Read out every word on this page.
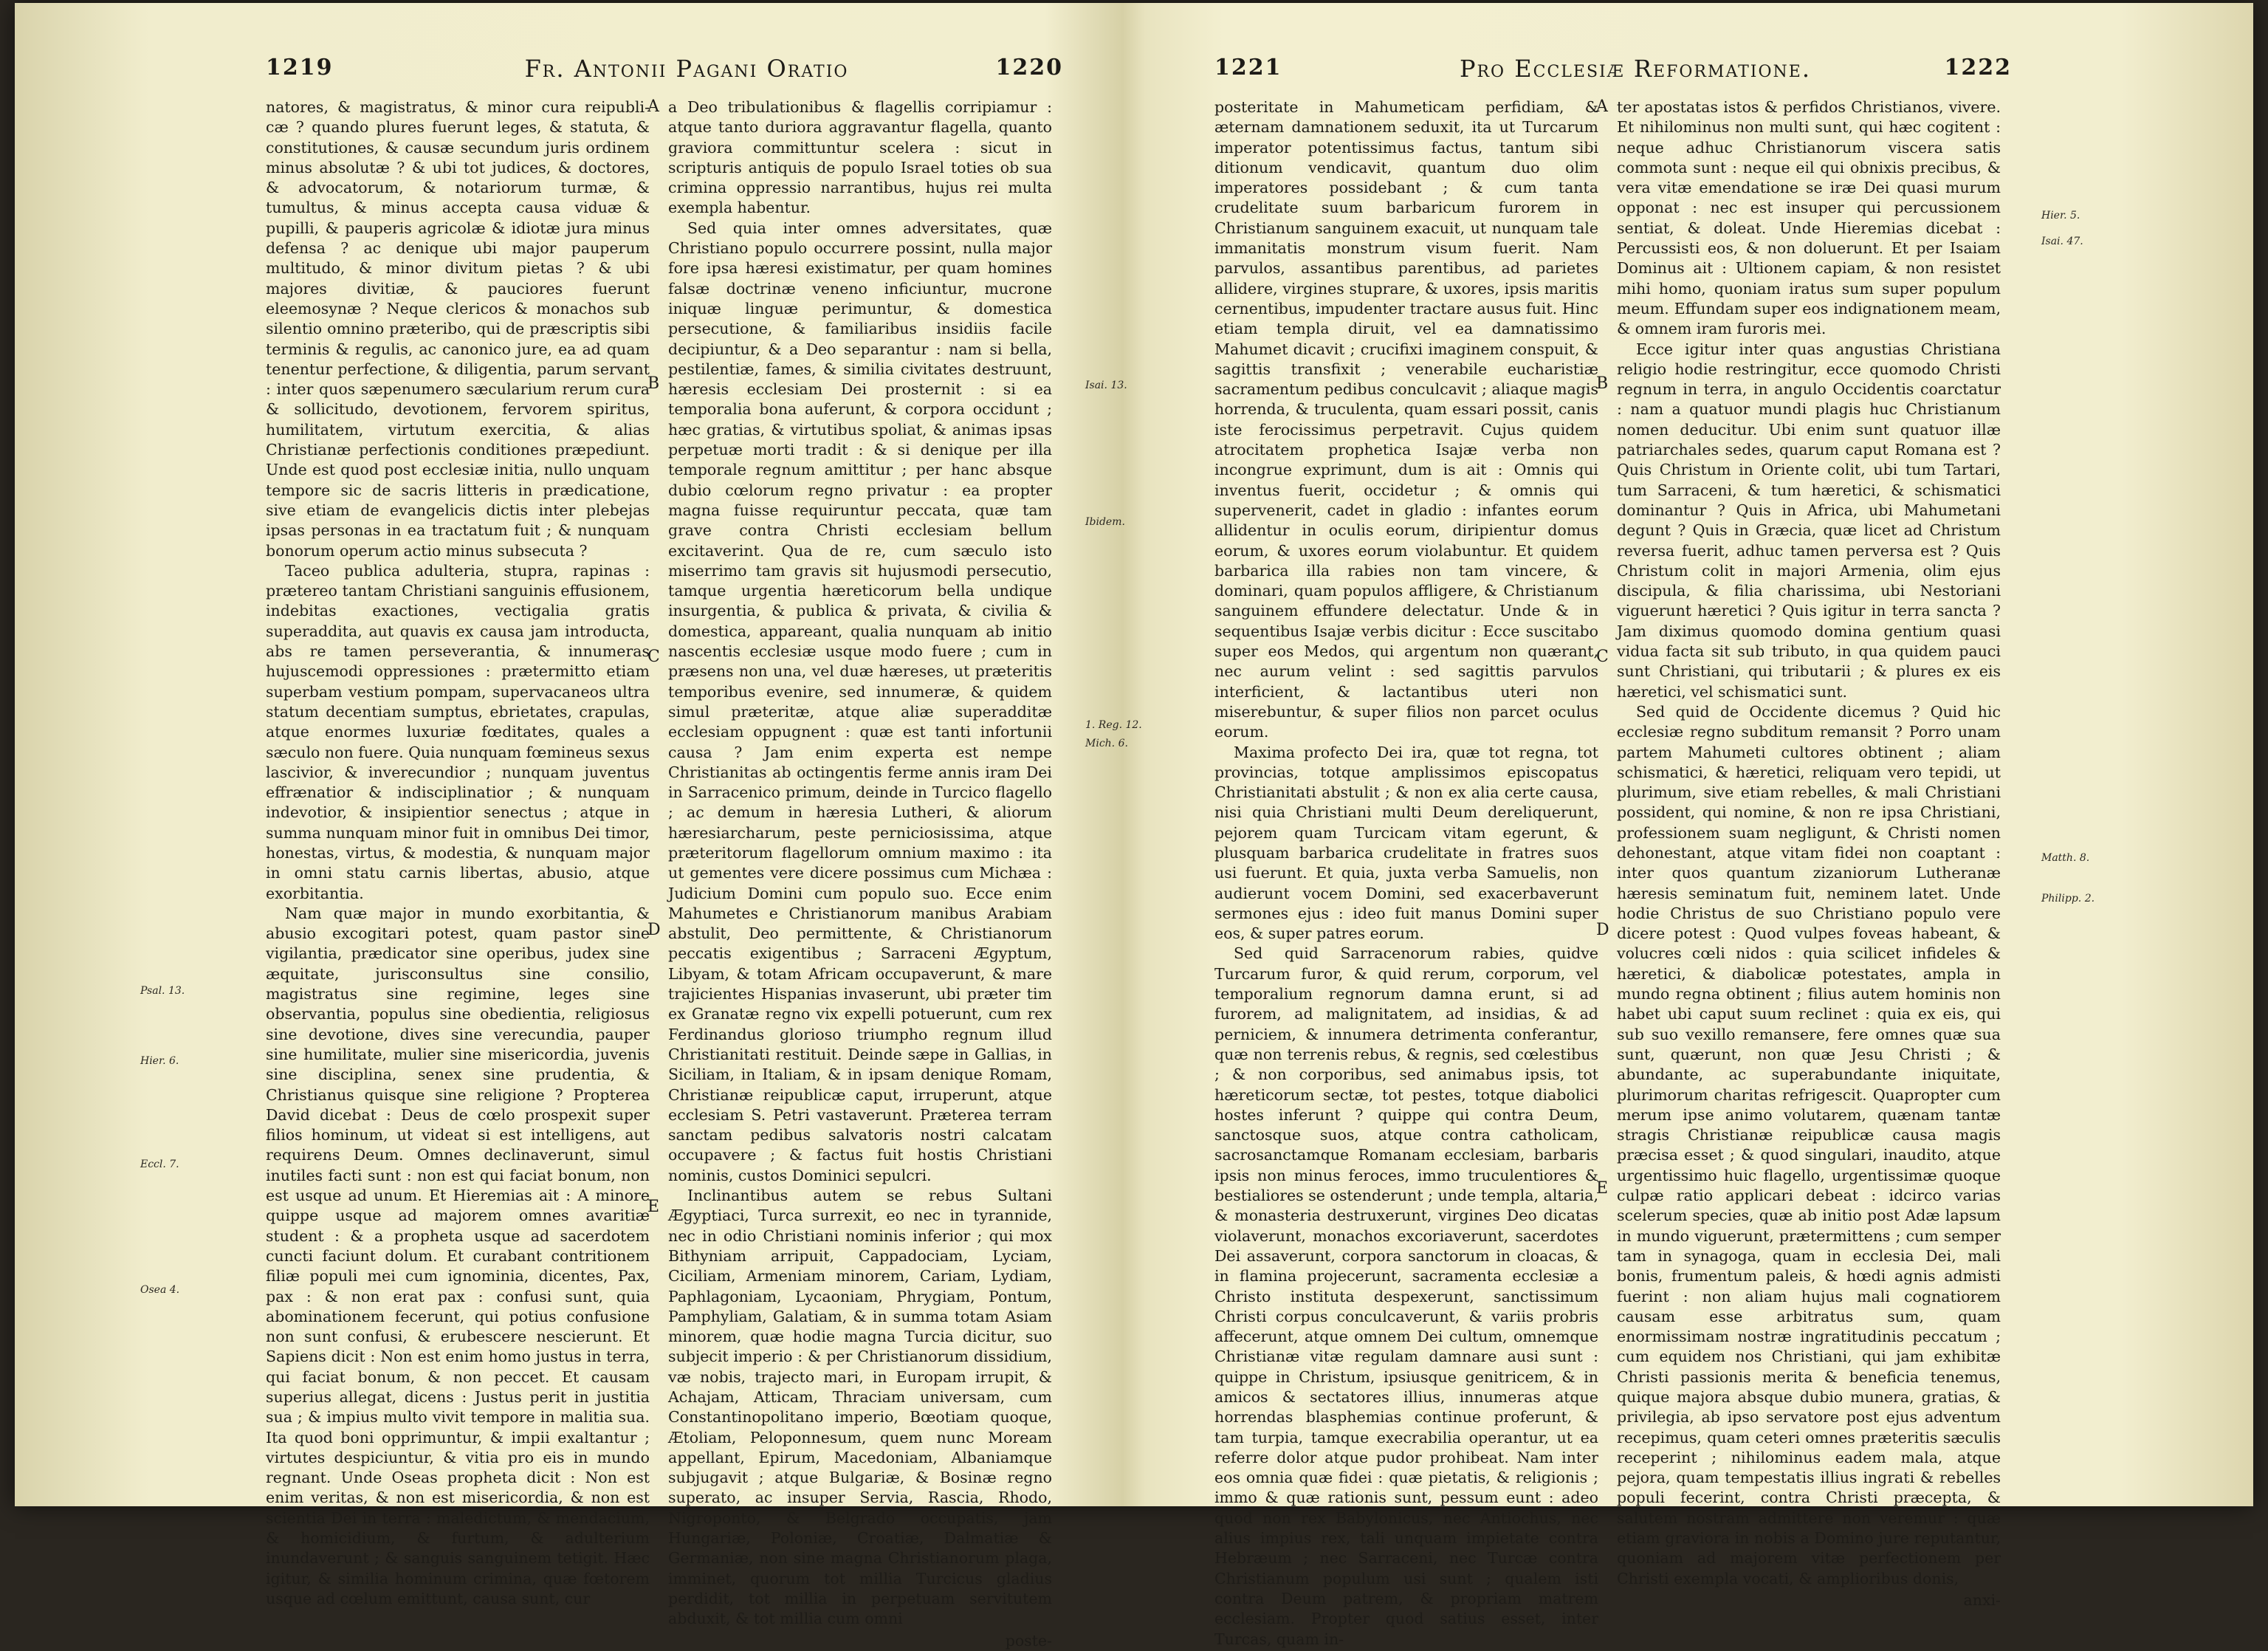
1219	Fr. Antonii Pagani Oratio	1220

natores, & magistratus, & minor cura reipubli- cæ ? quando plures fuerunt leges, & statuta, & constitutiones, & causæ secundum juris ordinem minus absolutæ ? & ubi tot judices, & doctores, & advocatorum, & notariorum turmæ, & tumultus, & minus accepta causa viduæ & pupilli, & pauperis agricolæ & idiotæ jura minus defensa ? ac denique ubi major pauperum multitudo, & minor divitum pietas ? & ubi majores divitiæ, & pauciores fuerunt eleemosynæ ? Neque clericos & monachos sub silentio omnino præteribo, qui de præscriptis sibi terminis & regulis, ac canonico jure, ea ad quam tenentur perfectione, & diligentia, parum servant : inter quos sæpenumero sæcularium rerum cura & sollicitudo, devotionem, fervorem spiritus, humilitatem, virtutum exercitia, & alias Christianæ perfectionis conditiones præpediunt. Unde est quod post ecclesiæ initia, nullo unquam tempore sic de sacris litteris in prædicatione, sive etiam de evangelicis dictis inter plebejas ipsas personas in ea tractatum fuit ; & nunquam bonorum operum actio minus subsecuta ?

Taceo publica adulteria, stupra, rapinas : prætereo tantam Christiani sanguinis effusionem, indebitas exactiones, vectigalia gratis superaddita, aut quavis ex causa jam introducta, abs re tamen perseverantia, & innumeras hujuscemodi oppressiones : prætermitto etiam superbam vestium pompam, supervacaneos ultra statum decentiam sumptus, ebrietates, crapulas, atque enormes luxuriæ fœditates, quales a sæculo non fuere. Quia nunquam fœmineus sexus lascivior, & inverecundior ; nunquam juventus effrænatior & indisciplinatior ; & nunquam indevotior, & insipientior senectus ; atque in summa nunquam minor fuit in omnibus Dei timor, honestas, virtus, & modestia, & nunquam major in omni statu carnis libertas, abusio, atque exorbitantia.

Nam quæ major in mundo exorbitantia, & abusio excogitari potest, quam pastor sine vigilantia, prædicator sine operibus, judex sine æquitate, jurisconsultus sine consilio, magistratus sine regimine, leges sine observantia, populus sine obedientia, religiosus sine devotione, dives sine verecundia, pauper sine humilitate, mulier sine misericordia, juvenis sine disciplina, senex sine prudentia, & Christianus quisque sine religione ? Propterea David dicebat : Deus de cœlo prospexit super filios hominum, ut videat si est intelligens, aut requirens Deum. Omnes declinaverunt, simul inutiles facti sunt : non est qui faciat bonum, non est usque ad unum. Et Hieremias ait : A minore quippe usque ad majorem omnes avaritiæ student : & a propheta usque ad sacerdotem cuncti faciunt dolum. Et curabant contritionem filiæ populi mei cum ignominia, dicentes, Pax, pax : & non erat pax : confusi sunt, quia abominationem fecerunt, qui potius confusione non sunt confusi, & erubescere nescierunt. Et Sapiens dicit : Non est enim homo justus in terra, qui faciat bonum, & non peccet. Et causam superius allegat, dicens : Justus perit in justitia sua ; & impius multo vivit tempore in malitia sua. Ita quod boni opprimuntur, & impii exaltantur ; virtutes despiciuntur, & vitia pro eis in mundo regnant. Unde Oseas propheta dicit : Non est enim veritas, & non est misericordia, & non est scientia Dei in terra : maledictum, & mendacium, & homicidium, & furtum, & adulterium inundaverunt ; & sanguis sanguinem tetigit. Hæc igitur, & similia hominum crimina, quæ fœtorem usque ad cœlum emittunt, causa sunt, cur

A
B
C
D
E

a Deo tribulationibus & flagellis corripiamur : atque tanto duriora aggravantur flagella, quanto graviora committuntur scelera : sicut in scripturis antiquis de populo Israel toties ob sua crimina oppressio narrantibus, hujus rei multa exempla habentur.

Sed quia inter omnes adversitates, quæ Christiano populo occurrere possint, nulla major fore ipsa hæresi existimatur, per quam homines falsæ doctrinæ veneno inficiuntur, mucrone iniquæ linguæ perimuntur, & domestica persecutione, & familiaribus insidiis facile decipiuntur, & a Deo separantur : nam si bella, pestilentiæ, fames, & similia civitates destruunt, hæresis ecclesiam Dei prosternit : si ea temporalia bona auferunt, & corpora occidunt ; hæc gratias, & virtutibus spoliat, & animas ipsas perpetuæ morti tradit : & si denique per illa temporale regnum amittitur ; per hanc absque dubio cœlorum regno privatur : ea propter magna fuisse requiruntur peccata, quæ tam grave contra Christi ecclesiam bellum excitaverint. Qua de re, cum sæculo isto miserrimo tam gravis sit hujusmodi persecutio, tamque urgentia hæreticorum bella undique insurgentia, & publica & privata, & civilia & domestica, appareant, qualia nunquam ab initio nascentis ecclesiæ usque modo fuere ; cum in præsens non una, vel duæ hæreses, ut præteritis temporibus evenire, sed innumeræ, & quidem simul præteritæ, atque aliæ superadditæ ecclesiam oppugnent : quæ est tanti infortunii causa ? Jam enim experta est nempe Christianitas ab octingentis ferme annis iram Dei in Sarracenico primum, deinde in Turcico flagello ; ac demum in hæresia Lutheri, & aliorum hæresiarcharum, peste perniciosissima, atque præteritorum flagellorum omnium maximo : ita ut gementes vere dicere possimus cum Michæa : Judicium Domini cum populo suo. Ecce enim Mahumetes e Christianorum manibus Arabiam abstulit, Deo permittente, & Christianorum peccatis exigentibus ; Sarraceni Ægyptum, Libyam, & totam Africam occupaverunt, & mare trajicientes Hispanias invaserunt, ubi præter tim ex Granatæ regno vix expelli potuerunt, cum rex Ferdinandus glorioso triumpho regnum illud Christianitati restituit. Deinde sæpe in Gallias, in Siciliam, in Italiam, & in ipsam denique Romam, Christianæ reipublicæ caput, irruperunt, atque ecclesiam S. Petri vastaverunt. Præterea terram sanctam pedibus salvatoris nostri calcatam occupavere ; & factus fuit hostis Christiani nominis, custos Dominici sepulcri.

Inclinantibus autem se rebus Sultani Ægyptiaci, Turca surrexit, eo nec in tyrannide, nec in odio Christiani nominis inferior ; qui mox Bithyniam arripuit, Cappadociam, Lyciam, Ciciliam, Armeniam minorem, Cariam, Lydiam, Paphlagoniam, Lycaoniam, Phrygiam, Pontum, Pamphyliam, Galatiam, & in summa totam Asiam minorem, quæ hodie magna Turcia dicitur, suo subjecit imperio : & per Christianorum dissidium, væ nobis, trajecto mari, in Europam irrupit, & Achajam, Atticam, Thraciam universam, cum Constantinopolitano imperio, Bœotiam quoque, Ætoliam, Peloponnesum, quem nunc Moream appellant, Epirum, Macedoniam, Albaniamque subjugavit ; atque Bulgariæ, & Bosinæ regno superato, ac insuper Servia, Rascia, Rhodo, Nigroponto, & Belgrado occupatis, jam Hungariæ, Poloniæ, Croatiæ, Dalmatiæ & Germaniæ, non sine magna Christianorum plaga, imminet, quorum tot millia Turcicus gladius perdidit, tot millia in perpetuam servitutem abduxit, & tot millia cum omni

poste-
Psal. 13.
Hier. 6.
Eccl. 7.
Osea 4.
Mich. 6.
Isai. 13.
Ibidem.
1. Reg. 12.
1221	Pro Ecclesiæ Reformatione.	1222

posteritate in Mahumeticam perfidiam, & æternam damnationem seduxit, ita ut Turcarum imperator potentissimus factus, tantum sibi ditionum vendicavit, quantum duo olim imperatores possidebant ; & cum tanta crudelitate suum barbaricum furorem in Christianum sanguinem exacuit, ut nunquam tale immanitatis monstrum visum fuerit. Nam parvulos, assantibus parentibus, ad parietes allidere, virgines stuprare, & uxores, ipsis maritis cernentibus, impudenter tractare ausus fuit. Hinc etiam templa diruit, vel ea damnatissimo Mahumet dicavit ; crucifixi imaginem conspuit, & sagittis transfixit ; venerabile eucharistiæ sacramentum pedibus conculcavit ; aliaque magis horrenda, & truculenta, quam essari possit, canis iste ferocissimus perpetravit. Cujus quidem atrocitatem prophetica Isajæ verba non incongrue exprimunt, dum is ait : Omnis qui inventus fuerit, occidetur ; & omnis qui supervenerit, cadet in gladio : infantes eorum allidentur in oculis eorum, diripientur domus eorum, & uxores eorum violabuntur. Et quidem barbarica illa rabies non tam vincere, & dominari, quam populos affligere, & Christianum sanguinem effundere delectatur. Unde & in sequentibus Isajæ verbis dicitur : Ecce suscitabo super eos Medos, qui argentum non quærant, nec aurum velint : sed sagittis parvulos interficient, & lactantibus uteri non miserebuntur, & super filios non parcet oculus eorum.

Maxima profecto Dei ira, quæ tot regna, tot provincias, totque amplissimos episcopatus Christianitati abstulit ; & non ex alia certe causa, nisi quia Christiani multi Deum dereliquerunt, pejorem quam Turcicam vitam egerunt, & plusquam barbarica crudelitate in fratres suos usi fuerunt. Et quia, juxta verba Samuelis, non audierunt vocem Domini, sed exacerbaverunt sermones ejus : ideo fuit manus Domini super eos, & super patres eorum.

Sed quid Sarracenorum rabies, quidve Turcarum furor, & quid rerum, corporum, vel temporalium regnorum damna erunt, si ad furorem, ad malignitatem, ad insidias, & ad perniciem, & innumera detrimenta conferantur, quæ non terrenis rebus, & regnis, sed cœlestibus ; & non corporibus, sed animabus ipsis, tot hæreticorum sectæ, tot pestes, totque diabolici hostes inferunt ? quippe qui contra Deum, sanctosque suos, atque contra catholicam, sacrosanctamque Romanam ecclesiam, barbaris ipsis non minus feroces, immo truculentiores & bestialiores se ostenderunt ; unde templa, altaria, & monasteria destruxerunt, virgines Deo dicatas violaverunt, monachos excoriaverunt, sacerdotes Dei assaverunt, corpora sanctorum in cloacas, & in flamina projecerunt, sacramenta ecclesiæ a Christo instituta despexerunt, sanctissimum Christi corpus conculcaverunt, & variis probris affecerunt, atque omnem Dei cultum, omnemque Christianæ vitæ regulam damnare ausi sunt : quippe in Christum, ipsiusque genitricem, & in amicos & sectatores illius, innumeras atque horrendas blasphemias continue proferunt, & tam turpia, tamque execrabilia operantur, ut ea referre dolor atque pudor prohibeat. Nam inter eos omnia quæ fidei : quæ pietatis, & religionis ; immo & quæ rationis sunt, pessum eunt : adeo quod non rex Babylonicus, nec Antiochus, nec alius impius rex, tali unquam impietate contra Hebræum ; nec Sarraceni, nec Turcæ contra Christianum populum usi sunt ; qualem isti contra Deum patrem, & propriam matrem ecclesiam. Propter quod satius esset, inter Turcas, quam in-

A
B
C
D
E

ter apostatas istos & perfidos Christianos, vivere. Et nihilominus non multi sunt, qui hæc cogitent : neque adhuc Christianorum viscera satis commota sunt : neque eil qui obnixis precibus, & vera vitæ emendatione se iræ Dei quasi murum opponat : nec est insuper qui percussionem sentiat, & doleat. Unde Hieremias dicebat : Percussisti eos, & non doluerunt. Et per Isaiam Dominus ait : Ultionem capiam, & non resistet mihi homo, quoniam iratus sum super populum meum. Effundam super eos indignationem meam, & omnem iram furoris mei.

Ecce igitur inter quas angustias Christiana religio hodie restringitur, ecce quomodo Christi regnum in terra, in angulo Occidentis coarctatur : nam a quatuor mundi plagis huc Christianum nomen deducitur. Ubi enim sunt quatuor illæ patriarchales sedes, quarum caput Romana est ? Quis Christum in Oriente colit, ubi tum Tartari, tum Sarraceni, & tum hæretici, & schismatici dominantur ? Quis in Africa, ubi Mahumetani degunt ? Quis in Græcia, quæ licet ad Christum reversa fuerit, adhuc tamen perversa est ? Quis Christum colit in majori Armenia, olim ejus discipula, & filia charissima, ubi Nestoriani viguerunt hæretici ? Quis igitur in terra sancta ? Jam diximus quomodo domina gentium quasi vidua facta sit sub tributo, in qua quidem pauci sunt Christiani, qui tributarii ; & plures ex eis hæretici, vel schismatici sunt.

Sed quid de Occidente dicemus ? Quid hic ecclesiæ regno subditum remansit ? Porro unam partem Mahumeti cultores obtinent ; aliam schismatici, & hæretici, reliquam vero tepidi, ut plurimum, sive etiam rebelles, & mali Christiani possident, qui nomine, & non re ipsa Christiani, professionem suam negligunt, & Christi nomen dehonestant, atque vitam fidei non coaptant : inter quos quantum zizaniorum Lutheranæ hæresis seminatum fuit, neminem latet. Unde hodie Christus de suo Christiano populo vere dicere potest : Quod vulpes foveas habeant, & volucres cœli nidos : quia scilicet infideles & hæretici, & diabolicæ potestates, ampla in mundo regna obtinent ; filius autem hominis non habet ubi caput suum reclinet : quia ex eis, qui sub suo vexillo remansere, fere omnes quæ sua sunt, quærunt, non quæ Jesu Christi ; & abundante, ac superabundante iniquitate, plurimorum charitas refrigescit. Quapropter cum merum ipse animo volutarem, quænam tantæ stragis Christianæ reipublicæ causa magis præcisa esset ; & quod singulari, inaudito, atque urgentissimo huic flagello, urgentissimæ quoque culpæ ratio applicari debeat : idcirco varias scelerum species, quæ ab initio post Adæ lapsum in mundo viguerunt, prætermittens ; cum semper tam in synagoga, quam in ecclesia Dei, mali bonis, frumentum paleis, & hœdi agnis admisti fuerint : non aliam hujus mali cognatiorem causam esse arbitratus sum, quam enormissimam nostræ ingratitudinis peccatum ; cum equidem nos Christiani, qui jam exhibitæ Christi passionis merita & beneficia tenemus, quique majora absque dubio munera, gratias, & privilegia, ab ipso servatore post ejus adventum recepimus, quam ceteri omnes præteritis sæculis receperint ; nihilominus eadem mala, atque pejora, quam tempestatis illius ingrati & rebelles populi fecerint, contra Christi præcepta, & salutem nostram admittere non veremur : quæ etiam graviora in nobis a Domino jure reputantur, quoniam ad majorem vitæ perfectionem per Christi exempla vocati, & amplioribus donis,

anxi-
Hier. 5.
Isai. 47.
Matth. 8.
Philipp. 2.
